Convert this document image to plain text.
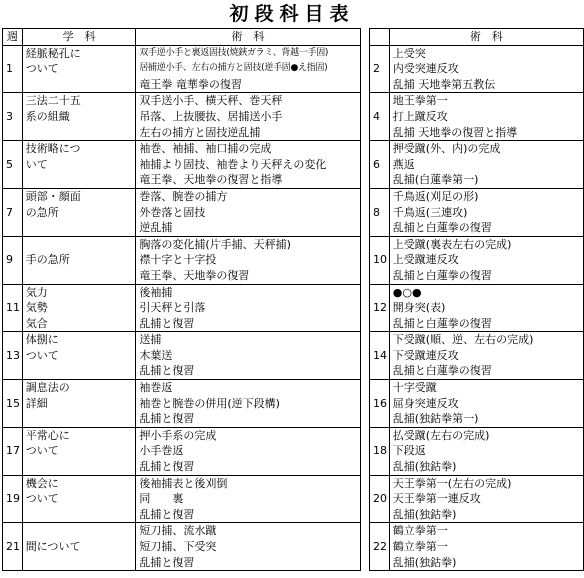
初段科目表
週	学　科	術　科			術　科
	経脈秘孔に	双手逆小手と裏返固技(焼鋏ガラミ、背越一手固)			上受突
1	ついて	居捕逆小手、左右の捕方と固技(逆手固●え指固)		2	内受突連反攻
		竜王拳 竜華拳の復習			乱捕 天地拳第五教伝
	三法二十五	双手送小手、横天秤、巻天秤			地王拳第一
3	系の組織	吊落、上抜腰抜、居捕送小手		4	打上蹴反攻
		左右の捕方と固技逆乱捕			乱捕 天地拳の復習と指導
	技術略につ	袖巻、袖捕、袖口捕の完成			押受蹴(外、内)の完成
5	いて	袖捕より固技、袖巻より天秤えの変化		6	燕返
		竜王拳、天地拳の復習と指導			乱捕(白蓮拳第一)
	頭部・顔面	巻落、腕巻の捕方			千鳥返(刈足の形)
7	の急所	外巻落と固技		8	千鳥返(三連攻)
		逆乱捕			乱捕と白蓮拳の復習
		胸落の変化捕(片手捕、天秤捕)			上受蹴(裏表左右の完成)
9	手の急所	襟十字と十字投		10	上受蹴連反攻
		竜王拳、天地拳の復習			乱捕と白蓮拳の復習
	気力	後袖捕			●○●
11	気勢	引天秤と引落		12	開身突(表)
	気合	乱捕と復習			乱捕と白蓮拳の復習
	体捌に	送捕			下受蹴(順、逆、左右の完成)
13	ついて	木葉送		14	下受蹴連反攻
		乱捕と復習			乱捕と白蓮拳の復習
	調息法の	袖巻返			十字受蹴
15	詳細	袖巻と腕巻の併用(逆下段構)		16	屈身突連反攻
		乱捕と復習			乱捕(独鈷拳第一)
	平常心に	押小手系の完成			払受蹴(左右の完成)
17	ついて	小手巻返		18	下段返
		乱捕と復習			乱捕(独鈷拳)
	機会に	後袖捕表と後刈倒			天王拳第一(左右の完成)
19	ついて	同　　裏		20	天王拳第一連反攻
		乱捕と復習			乱捕(独鈷拳)
		短刀捕、流水蹴			鶴立拳第一
21	間について	短刀捕、下受突		22	鶴立拳第一
		乱捕と復習			乱捕(独鈷拳)
